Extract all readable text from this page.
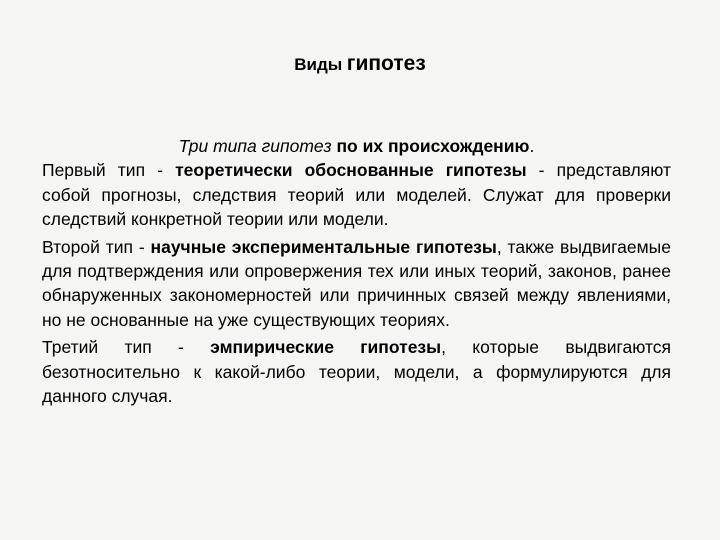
Виды гипотез

Три типа гипотез по их происхождению.

Первый тип - теоретически обоснованные гипотезы - представляют собой прогнозы, следствия теорий или моделей. Служат для проверки следствий конкретной теории или модели.

Второй тип - научные экспериментальные гипотезы, также выдвигаемые для подтверждения или опровержения тех или иных теорий, законов, ранее обнаруженных закономерностей или причинных связей между явлениями, но не основанные на уже существующих теориях.

Третий тип - эмпирические гипотезы, которые выдвигаются безотносительно к какой-либо теории, модели, а формулируются для данного случая.
